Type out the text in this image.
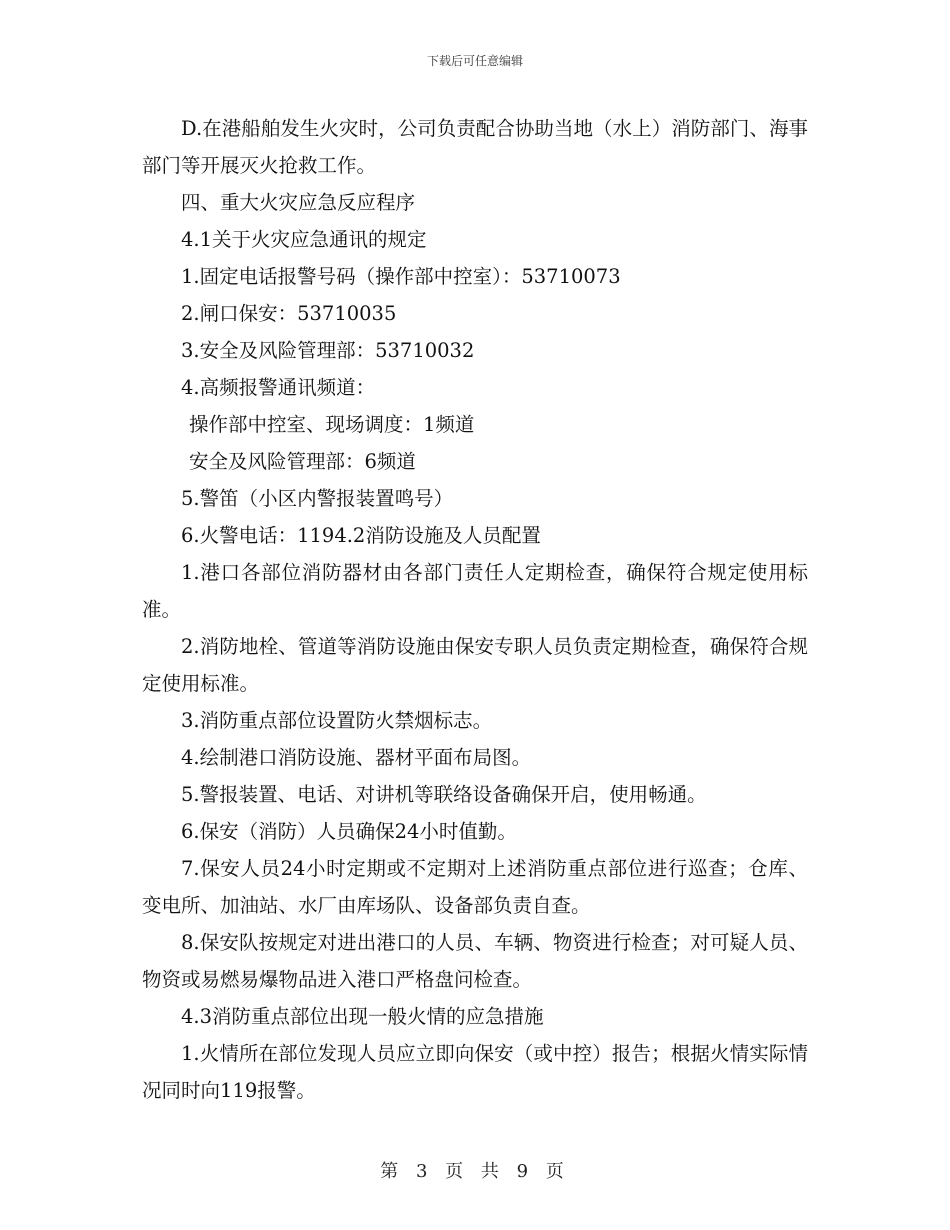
下载后可任意编辑

D.在港船舶发生火灾时，公司负责配合协助当地（水上）消防部门、海事部门等开展灭火抢救工作。

四、重大火灾应急反应程序

4.1关于火灾应急通讯的规定

1.固定电话报警号码（操作部中控室）：53710073

2.闸口保安：53710035

3.安全及风险管理部：53710032

4.高频报警通讯频道：

操作部中控室、现场调度：1频道

安全及风险管理部：6频道

5.警笛（小区内警报装置鸣号）

6.火警电话：1194.2消防设施及人员配置

1.港口各部位消防器材由各部门责任人定期检查，确保符合规定使用标准。

2.消防地栓、管道等消防设施由保安专职人员负责定期检查，确保符合规定使用标准。

3.消防重点部位设置防火禁烟标志。

4.绘制港口消防设施、器材平面布局图。

5.警报装置、电话、对讲机等联络设备确保开启，使用畅通。

6.保安（消防）人员确保24小时值勤。

7.保安人员24小时定期或不定期对上述消防重点部位进行巡查；仓库、变电所、加油站、水厂由库场队、设备部负责自查。

8.保安队按规定对进出港口的人员、车辆、物资进行检查；对可疑人员、物资或易燃易爆物品进入港口严格盘问检查。

4.3消防重点部位出现一般火情的应急措施

1.火情所在部位发现人员应立即向保安（或中控）报告；根据火情实际情况同时向119报警。

第 3 页 共 9 页
